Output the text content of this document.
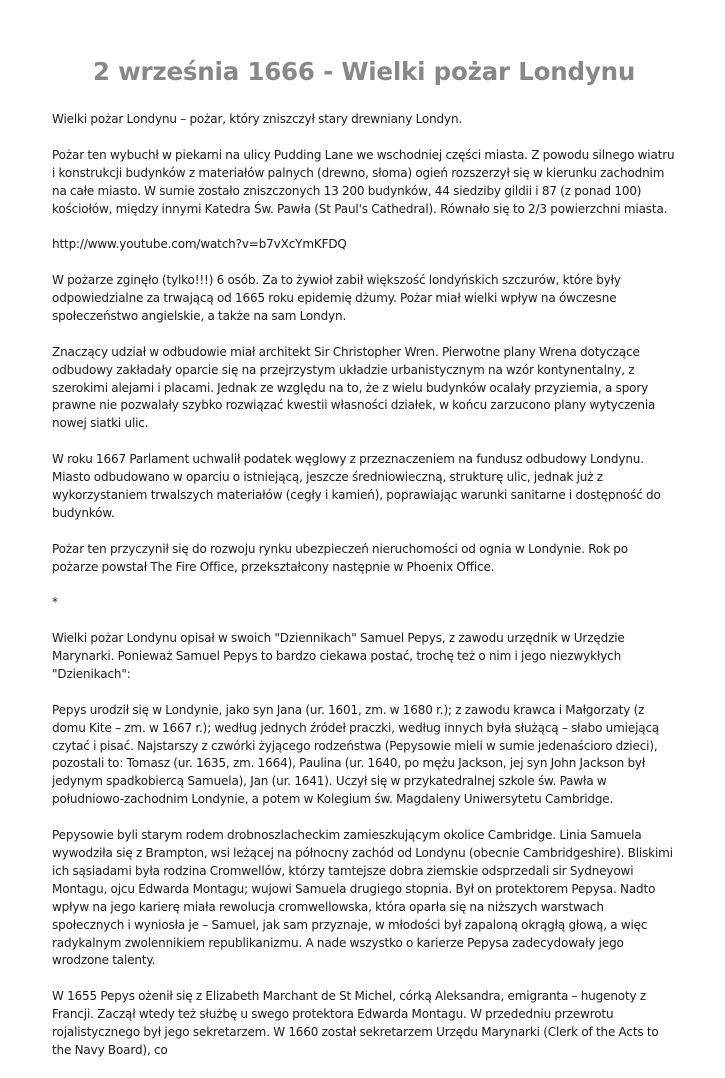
2 września 1666 - Wielki pożar Londynu

Wielki pożar Londynu – pożar, który zniszczył stary drewniany Londyn.

Pożar ten wybuchł w piekarni na ulicy Pudding Lane we wschodniej części miasta. Z powodu silnego wiatru i konstrukcji budynków z materiałów palnych (drewno, słoma) ogień rozszerzył się w kierunku zachodnim na całe miasto. W sumie zostało zniszczonych 13 200 budynków, 44 siedziby gildii i 87 (z ponad 100) kościołów, między innymi Katedra Św. Pawła (St Paul's Cathedral). Równało się to 2/3 powierzchni miasta.

http://www.youtube.com/watch?v=b7vXcYmKFDQ

W pożarze zginęło (tylko!!!) 6 osób. Za to żywioł zabił większość londyńskich szczurów, które były odpowiedzialne za trwającą od 1665 roku epidemię dżumy. Pożar miał wielki wpływ na ówczesne społeczeństwo angielskie, a także na sam Londyn.

Znaczący udział w odbudowie miał architekt Sir Christopher Wren. Pierwotne plany Wrena dotyczące odbudowy zakładały oparcie się na przejrzystym układzie urbanistycznym na wzór kontynentalny, z szerokimi alejami i placami. Jednak ze względu na to, że z wielu budynków ocalały przyziemia, a spory prawne nie pozwalały szybko rozwiązać kwestii własności działek, w końcu zarzucono plany wytyczenia nowej siatki ulic.

W roku 1667 Parlament uchwalił podatek węglowy z przeznaczeniem na fundusz odbudowy Londynu. Miasto odbudowano w oparciu o istniejącą, jeszcze średniowieczną, strukturę ulic, jednak już z wykorzystaniem trwalszych materiałów (cegły i kamień), poprawiając warunki sanitarne i dostępność do budynków.

Pożar ten przyczynił się do rozwoju rynku ubezpieczeń nieruchomości od ognia w Londynie. Rok po pożarze powstał The Fire Office, przekształcony następnie w Phoenix Office.

*

Wielki pożar Londynu opisał w swoich "Dziennikach" Samuel Pepys, z zawodu urzędnik w Urzędzie Marynarki. Ponieważ Samuel Pepys to bardzo ciekawa postać, trochę też o nim i jego niezwykłych "Dzienikach":

Pepys urodził się w Londynie, jako syn Jana (ur. 1601, zm. w 1680 r.); z zawodu krawca i Małgorzaty (z domu Kite – zm. w 1667 r.); według jednych źródeł praczki, według innych była służącą – słabo umiejącą czytać i pisać. Najstarszy z czwórki żyjącego rodzeństwa (Pepysowie mieli w sumie jedenaścioro dzieci), pozostali to: Tomasz (ur. 1635, zm. 1664), Paulina (ur. 1640, po mężu Jackson, jej syn John Jackson był jedynym spadkobiercą Samuela), Jan (ur. 1641). Uczył się w przykatedralnej szkole św. Pawła w południowo-zachodnim Londynie, a potem w Kolegium św. Magdaleny Uniwersytetu Cambridge.

Pepysowie byli starym rodem drobnoszlacheckim zamieszkującym okolice Cambridge. Linia Samuela wywodziła się z Brampton, wsi leżącej na północny zachód od Londynu (obecnie Cambridgeshire). Bliskimi ich sąsiadami była rodzina Cromwellów, którzy tamtejsze dobra ziemskie odsprzedali sir Sydneyowi Montagu, ojcu Edwarda Montagu; wujowi Samuela drugiego stopnia. Był on protektorem Pepysa. Nadto wpływ na jego karierę miała rewolucja cromwellowska, która oparła się na niższych warstwach społecznych i wyniosła je – Samuel, jak sam przyznaje, w młodości był zapaloną okrągłą głową, a więc radykalnym zwolennikiem republikanizmu. A nade wszystko o karierze Pepysa zadecydowały jego wrodzone talenty.

W 1655 Pepys ożenił się z Elizabeth Marchant de St Michel, córką Aleksandra, emigranta – hugenoty z Francji. Zaczął wtedy też służbę u swego protektora Edwarda Montagu. W przededniu przewrotu rojalistycznego był jego sekretarzem. W 1660 został sekretarzem Urzędu Marynarki (Clerk of the Acts to the Navy Board), co
